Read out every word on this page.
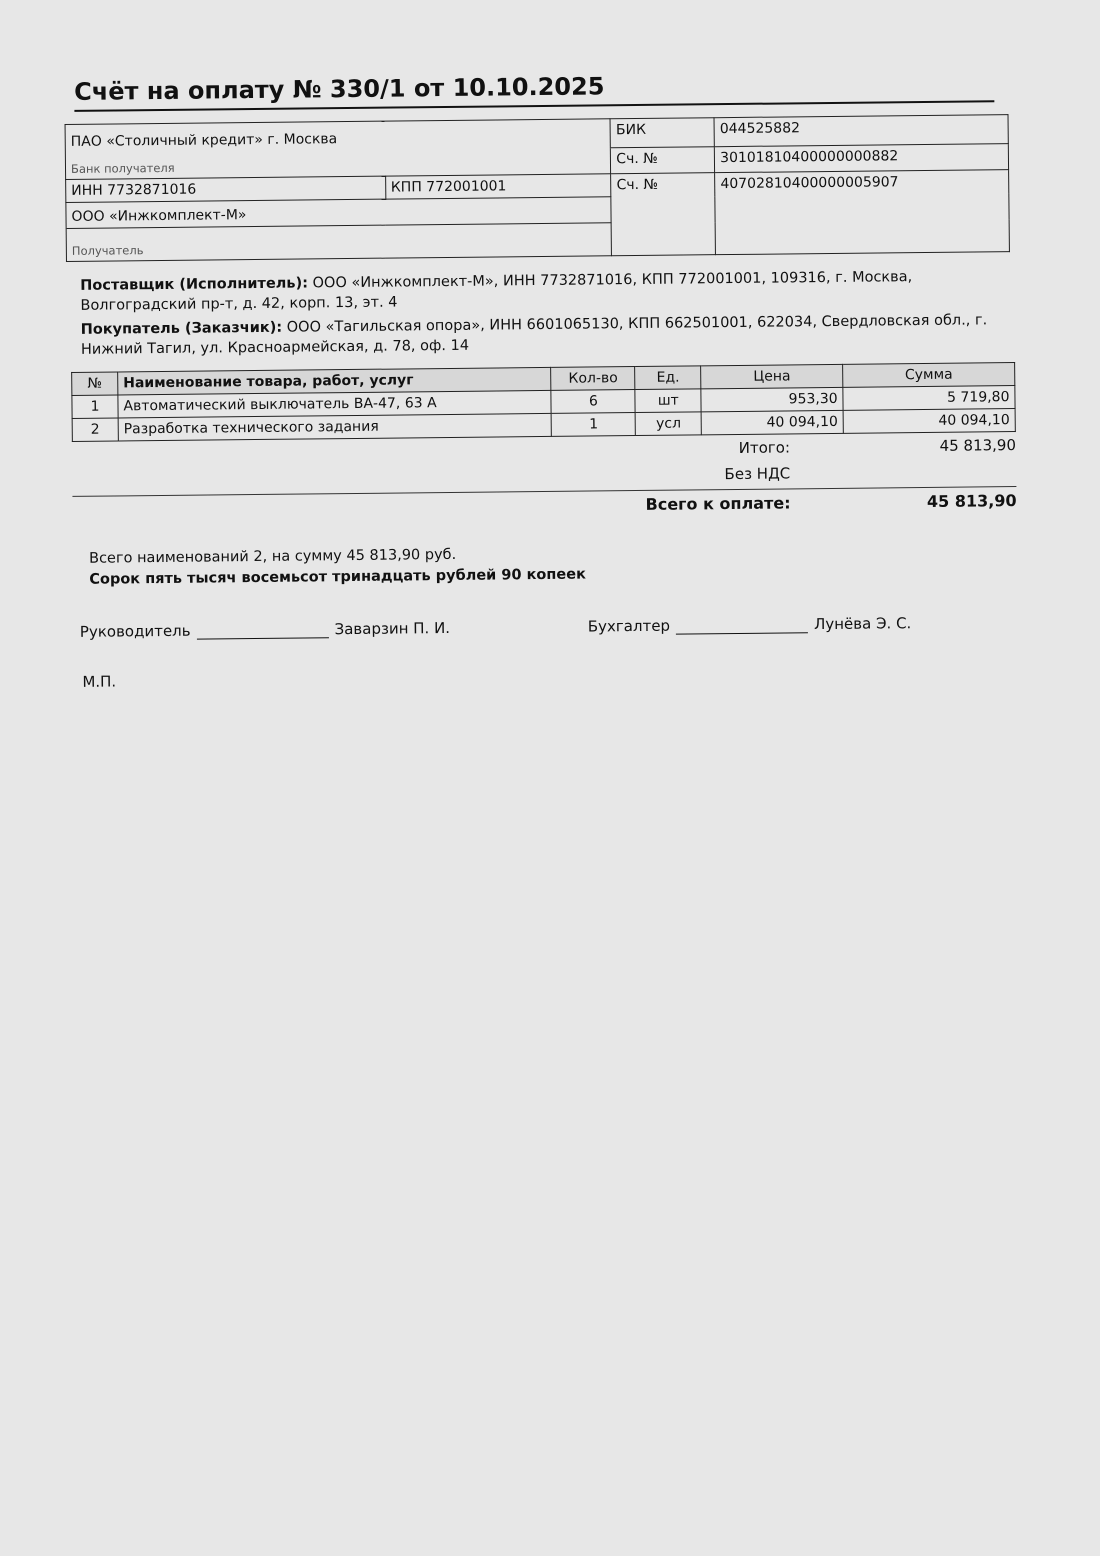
Счёт на оплату № 330/1 от 10.10.2025
ПАО «Столичный кредит» г. Москва		БИК	044525882

Банк получателя		Сч. №	30101810400000000882
ИНН 7732871016	КПП 772001001	Сч. №	40702810400000005907
ООО «Инжкомплект-М»			

Получатель			

Поставщик (Исполнитель): ООО «Инжкомплект-М», ИНН 7732871016, КПП 772001001, 109316, г. Москва, Волгоградский пр-т, д. 42, корп. 13, эт. 4

Покупатель (Заказчик): ООО «Тагильская опора», ИНН 6601065130, КПП 662501001, 622034, Свердловская обл., г. Нижний Тагил, ул. Красноармейская, д. 78, оф. 14

№	Наименование товара, работ, услуг	Кол-во	Ед.	Цена	Сумма
1	Автоматический выключатель ВА-47, 63 А	6	шт	953,30	5 719,80
2	Разработка технического задания	1	усл	40 094,10	40 094,10
Итого:	45 813,90
Без НДС
Всего к оплате:	45 813,90
Всего наименований 2, на сумму 45 813,90 руб.
Сорок пять тысяч восемьсот тринадцать рублей 90 копеек
Руководитель	Заварзин П. И.	Бухгалтер	Лунёва Э. С.
М.П.
